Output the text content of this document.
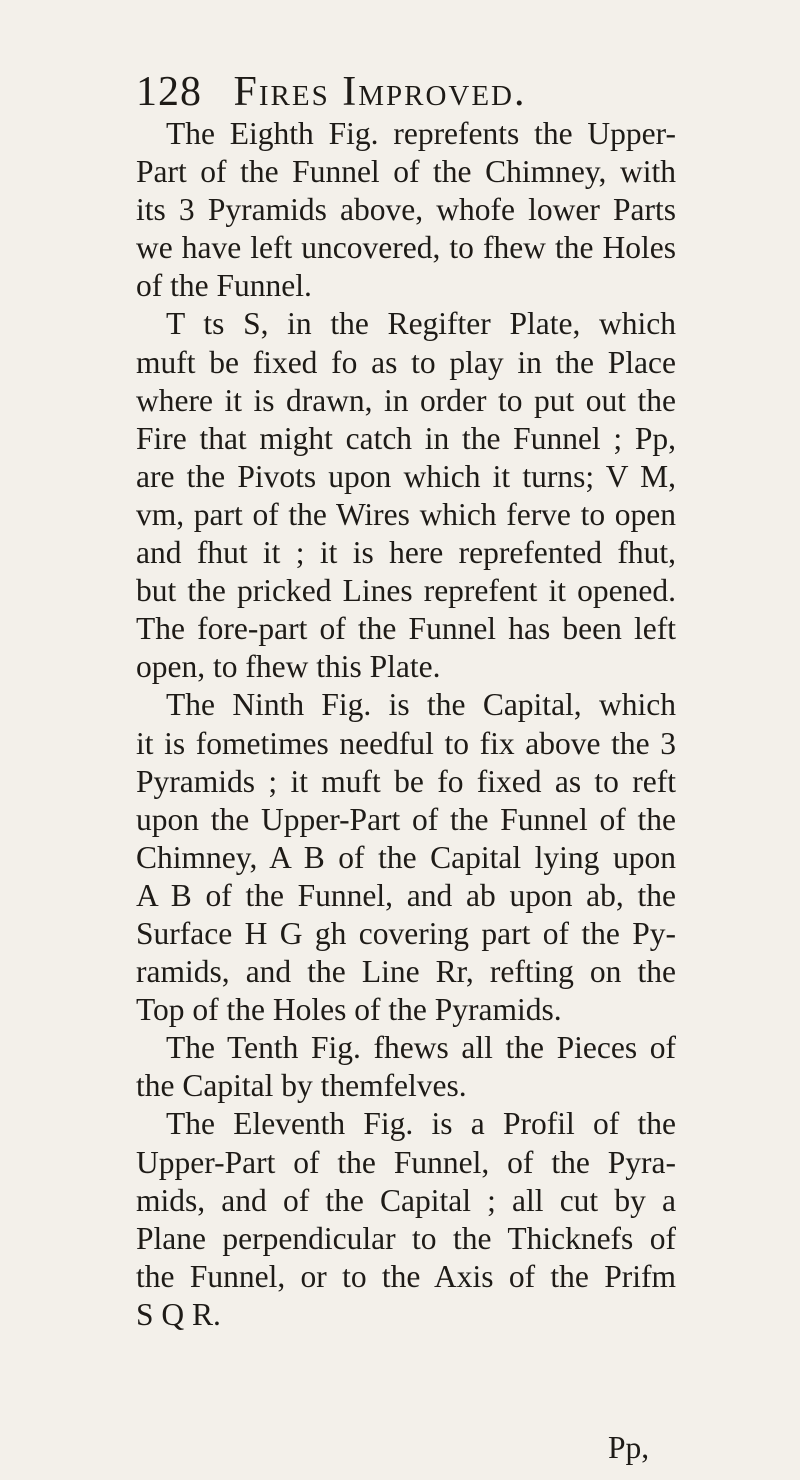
128 Fires Improved.
The Eighth Fig. reprefents the Upper-
Part of the Funnel of the Chimney, with
its 3 Pyramids above, whofe lower Parts
we have left uncovered, to fhew the Holes
of the Funnel.
T ts S, in the Regifter Plate, which
muft be fixed fo as to play in the Place
where it is drawn, in order to put out the
Fire that might catch in the Funnel ; Pp,
are the Pivots upon which it turns; V M,
vm, part of the Wires which ferve to open
and fhut it ; it is here reprefented fhut,
but the pricked Lines reprefent it opened.
The fore-part of the Funnel has been left
open, to fhew this Plate.
The Ninth Fig. is the Capital, which
it is fometimes needful to fix above the 3
Pyramids ; it muft be fo fixed as to reft
upon the Upper-Part of the Funnel of the
Chimney, A B of the Capital lying upon
A B of the Funnel, and ab upon ab, the
Surface H G gh covering part of the Py-
ramids, and the Line Rr, refting on the
Top of the Holes of the Pyramids.
The Tenth Fig. fhews all the Pieces of
the Capital by themfelves.
The Eleventh Fig. is a Profil of the
Upper-Part of the Funnel, of the Pyra-
mids, and of the Capital ; all cut by a
Plane perpendicular to the Thicknefs of
the Funnel, or to the Axis of the Prifm
S Q R.
Pp,
